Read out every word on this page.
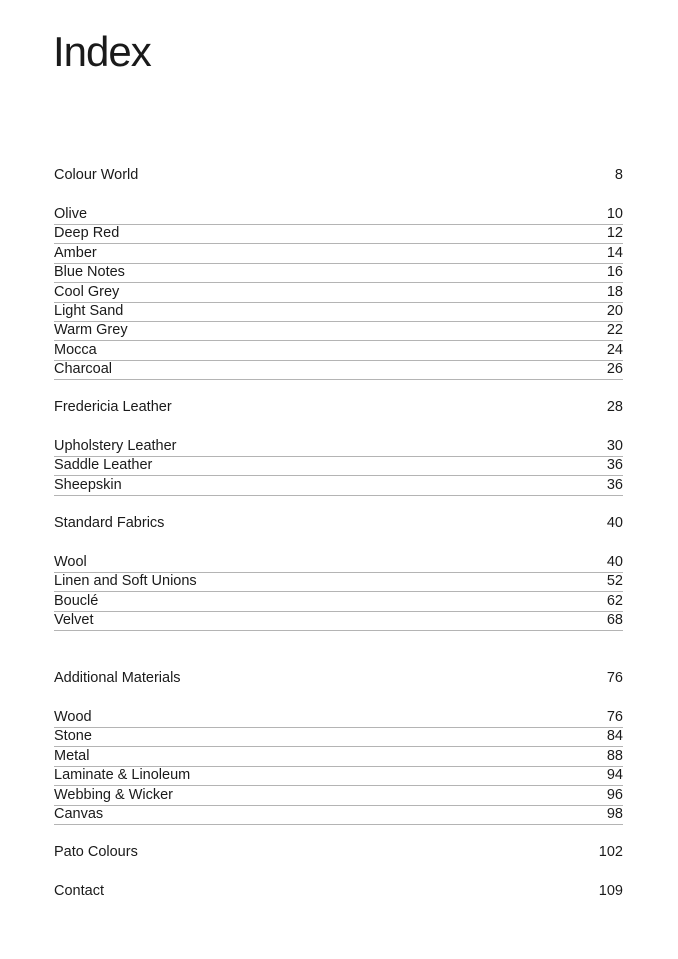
Index
Colour World	8
Olive	10
Deep Red	12
Amber	14
Blue Notes	16
Cool Grey	18
Light Sand	20
Warm Grey	22
Mocca	24
Charcoal	26
Fredericia Leather	28
Upholstery Leather	30
Saddle Leather	36
Sheepskin	36
Standard Fabrics	40
Wool	40
Linen and Soft Unions	52
Bouclé	62
Velvet	68
Additional Materials	76
Wood	76
Stone	84
Metal	88
Laminate & Linoleum	94
Webbing & Wicker	96
Canvas	98
Pato Colours	102
Contact	109
